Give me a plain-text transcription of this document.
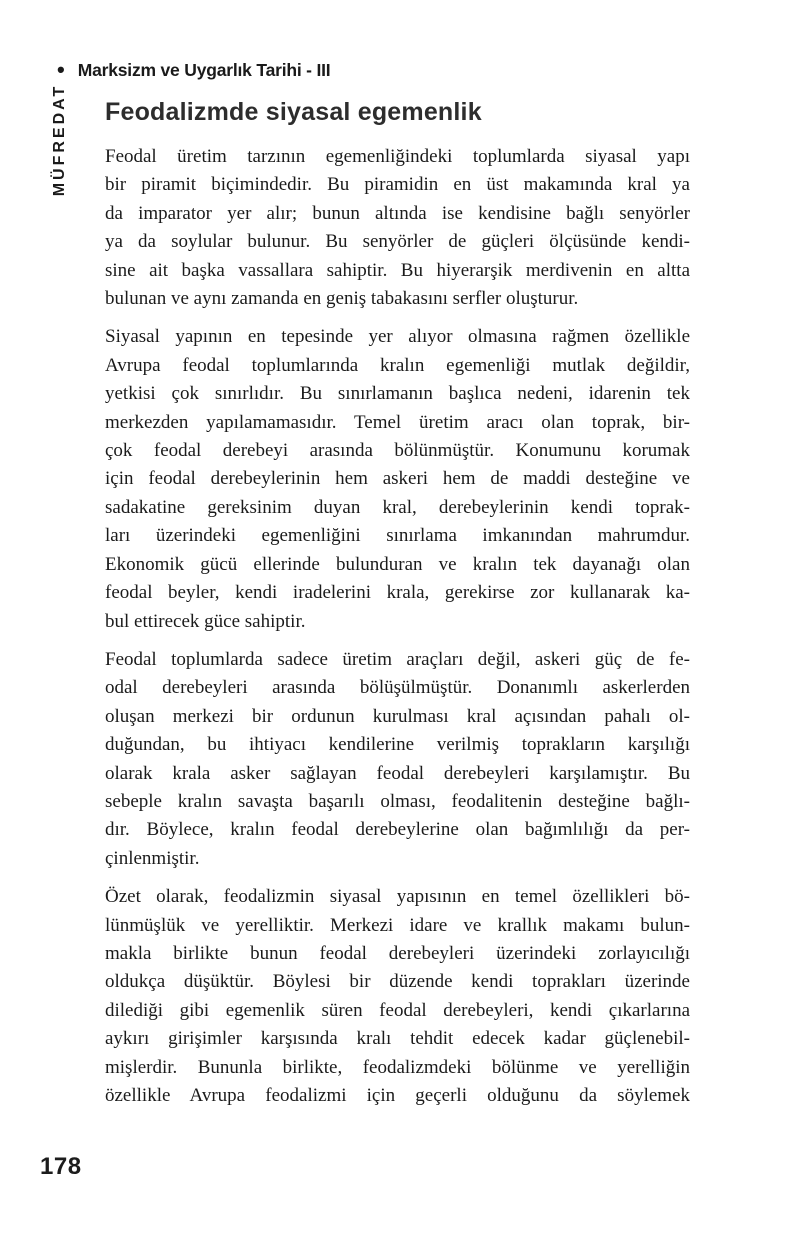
• Marksizm ve Uygarlık Tarihi - III
MÜFREDAT Feodalizmde siyasal egemenlik

Feodal üretim tarzının egemenliğindeki toplumlarda siyasal yapı
bir piramit biçimindedir. Bu piramidin en üst makamında kral ya
da imparator yer alır; bunun altında ise kendisine bağlı senyörler
ya da soylular bulunur. Bu senyörler de güçleri ölçüsünde kendi-
sine ait başka vassallara sahiptir. Bu hiyerarşik merdivenin en altta
bulunan ve aynı zamanda en geniş tabakasını serfler oluşturur.

Siyasal yapının en tepesinde yer alıyor olmasına rağmen özellikle
Avrupa feodal toplumlarında kralın egemenliği mutlak değildir,
yetkisi çok sınırlıdır. Bu sınırlamanın başlıca nedeni, idarenin tek
merkezden yapılamamasıdır. Temel üretim aracı olan toprak, bir-
çok feodal derebeyi arasında bölünmüştür. Konumunu korumak
için feodal derebeylerinin hem askeri hem de maddi desteğine ve
sadakatine gereksinim duyan kral, derebeylerinin kendi toprak-
ları üzerindeki egemenliğini sınırlama imkanından mahrumdur.
Ekonomik gücü ellerinde bulunduran ve kralın tek dayanağı olan
feodal beyler, kendi iradelerini krala, gerekirse zor kullanarak ka-
bul ettirecek güce sahiptir.

Feodal toplumlarda sadece üretim araçları değil, askeri güç de fe-
odal derebeyleri arasında bölüşülmüştür. Donanımlı askerlerden
oluşan merkezi bir ordunun kurulması kral açısından pahalı ol-
duğundan, bu ihtiyacı kendilerine verilmiş toprakların karşılığı
olarak krala asker sağlayan feodal derebeyleri karşılamıştır. Bu
sebeple kralın savaşta başarılı olması, feodalitenin desteğine bağlı-
dır. Böylece, kralın feodal derebeylerine olan bağımlılığı da per-
çinlenmiştir.

Özet olarak, feodalizmin siyasal yapısının en temel özellikleri bö-
lünmüşlük ve yerelliktir. Merkezi idare ve krallık makamı bulun-
makla birlikte bunun feodal derebeyleri üzerindeki zorlayıcılığı
oldukça düşüktür. Böylesi bir düzende kendi toprakları üzerinde
dilediği gibi egemenlik süren feodal derebeyleri, kendi çıkarlarına
aykırı girişimler karşısında kralı tehdit edecek kadar güçlenebil-
mişlerdir. Bununla birlikte, feodalizmdeki bölünme ve yerelliğin
özellikle Avrupa feodalizmi için geçerli olduğunu da söylemek

178
